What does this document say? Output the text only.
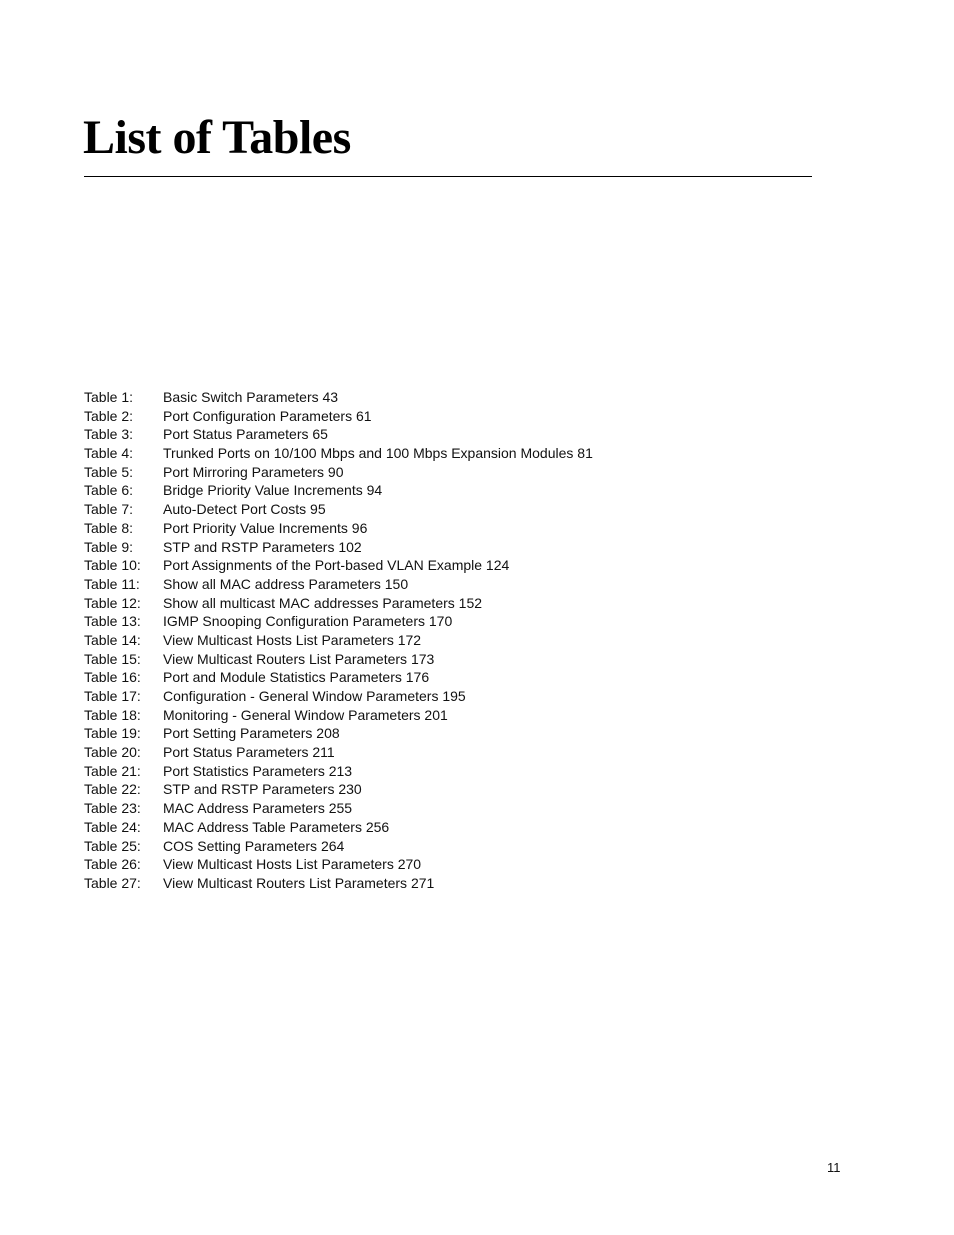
List of Tables
Table 1:	Basic Switch Parameters 43
Table 2:	Port Configuration Parameters 61
Table 3:	Port Status Parameters 65
Table 4:	Trunked Ports on 10/100 Mbps and 100 Mbps Expansion Modules 81
Table 5:	Port Mirroring Parameters 90
Table 6:	Bridge Priority Value Increments 94
Table 7:	Auto-Detect Port Costs 95
Table 8:	Port Priority Value Increments 96
Table 9:	STP and RSTP Parameters 102
Table 10:	Port Assignments of the Port-based VLAN Example 124
Table 11:	Show all MAC address Parameters 150
Table 12:	Show all multicast MAC addresses Parameters 152
Table 13:	IGMP Snooping Configuration Parameters 170
Table 14:	View Multicast Hosts List Parameters 172
Table 15:	View Multicast Routers List Parameters 173
Table 16:	Port and Module Statistics Parameters 176
Table 17:	Configuration - General Window Parameters 195
Table 18:	Monitoring - General Window Parameters 201
Table 19:	Port Setting Parameters 208
Table 20:	Port Status Parameters 211
Table 21:	Port Statistics Parameters 213
Table 22:	STP and RSTP Parameters 230
Table 23:	MAC Address Parameters 255
Table 24:	MAC Address Table Parameters 256
Table 25:	COS Setting Parameters 264
Table 26:	View Multicast Hosts List Parameters 270
Table 27:	View Multicast Routers List Parameters 271
11
